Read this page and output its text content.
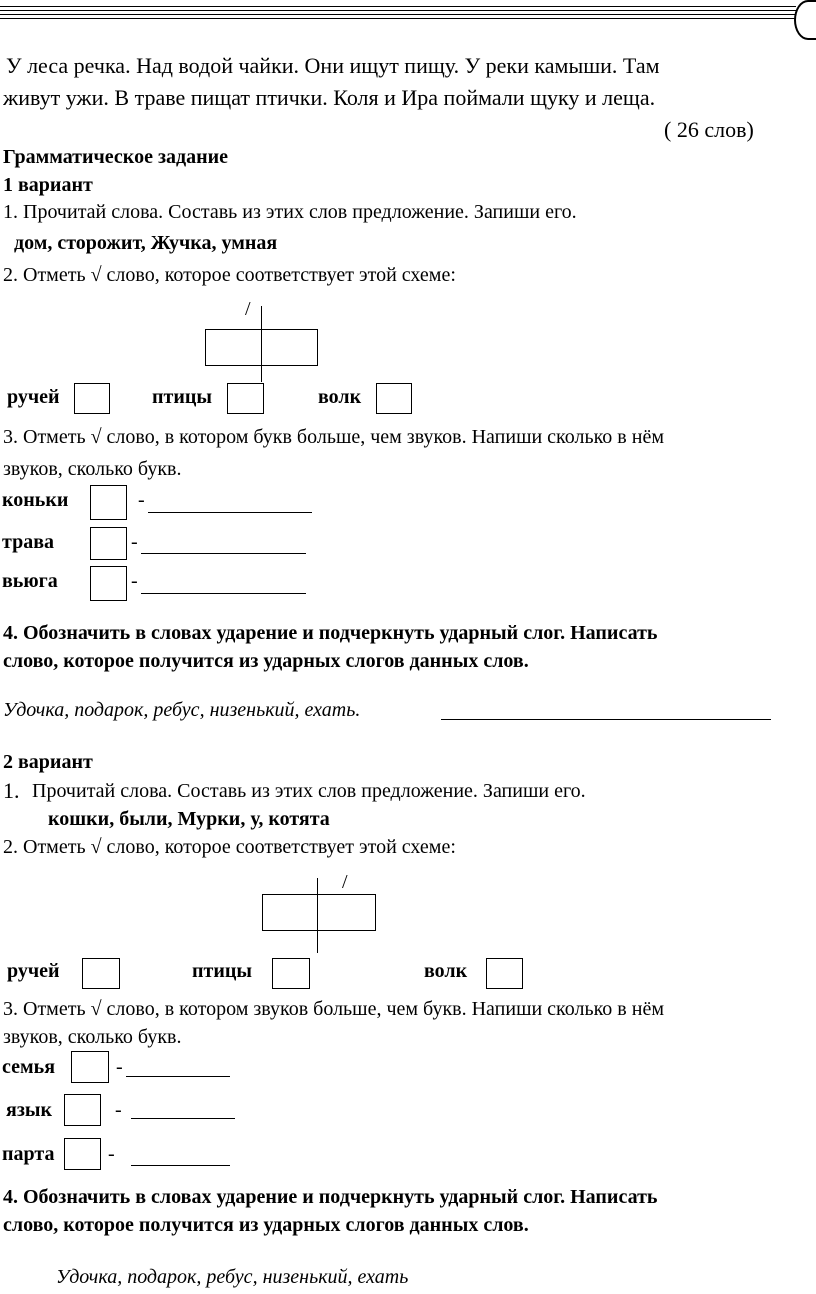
У леса речка. Над водой чайки. Они ищут пищу. У реки камыши. Там
живут ужи. В траве пищат птички. Коля и Ира поймали щуку и леща.
( 26 слов)
Грамматическое задание
1 вариант
1. Прочитай слова. Составь из этих слов предложение. Запиши его.
дом, сторожит, Жучка, умная
2. Отметь √ слово, которое соответствует этой схеме:
/
ручей	птицы	волк
3. Отметь √ слово, в котором букв больше, чем звуков. Напиши сколько в нём
звуков, сколько букв.
коньки	-
трава	-
вьюга	-
4. Обозначить в словах ударение и подчеркнуть ударный слог. Написать
слово, которое получится из ударных слогов данных слов.
Удочка, подарок, ребус, низенький, ехать.
2 вариант
1. Прочитай слова. Составь из этих слов предложение. Запиши его.
кошки, были, Мурки, у, котята
2. Отметь √ слово, которое соответствует этой схеме:
/
ручей	птицы	волк
3. Отметь √ слово, в котором звуков больше, чем букв. Напиши сколько в нём
звуков, сколько букв.
семья	-
язык	-
парта	-
4. Обозначить в словах ударение и подчеркнуть ударный слог. Написать
слово, которое получится из ударных слогов данных слов.
Удочка, подарок, ребус, низенький, ехать
